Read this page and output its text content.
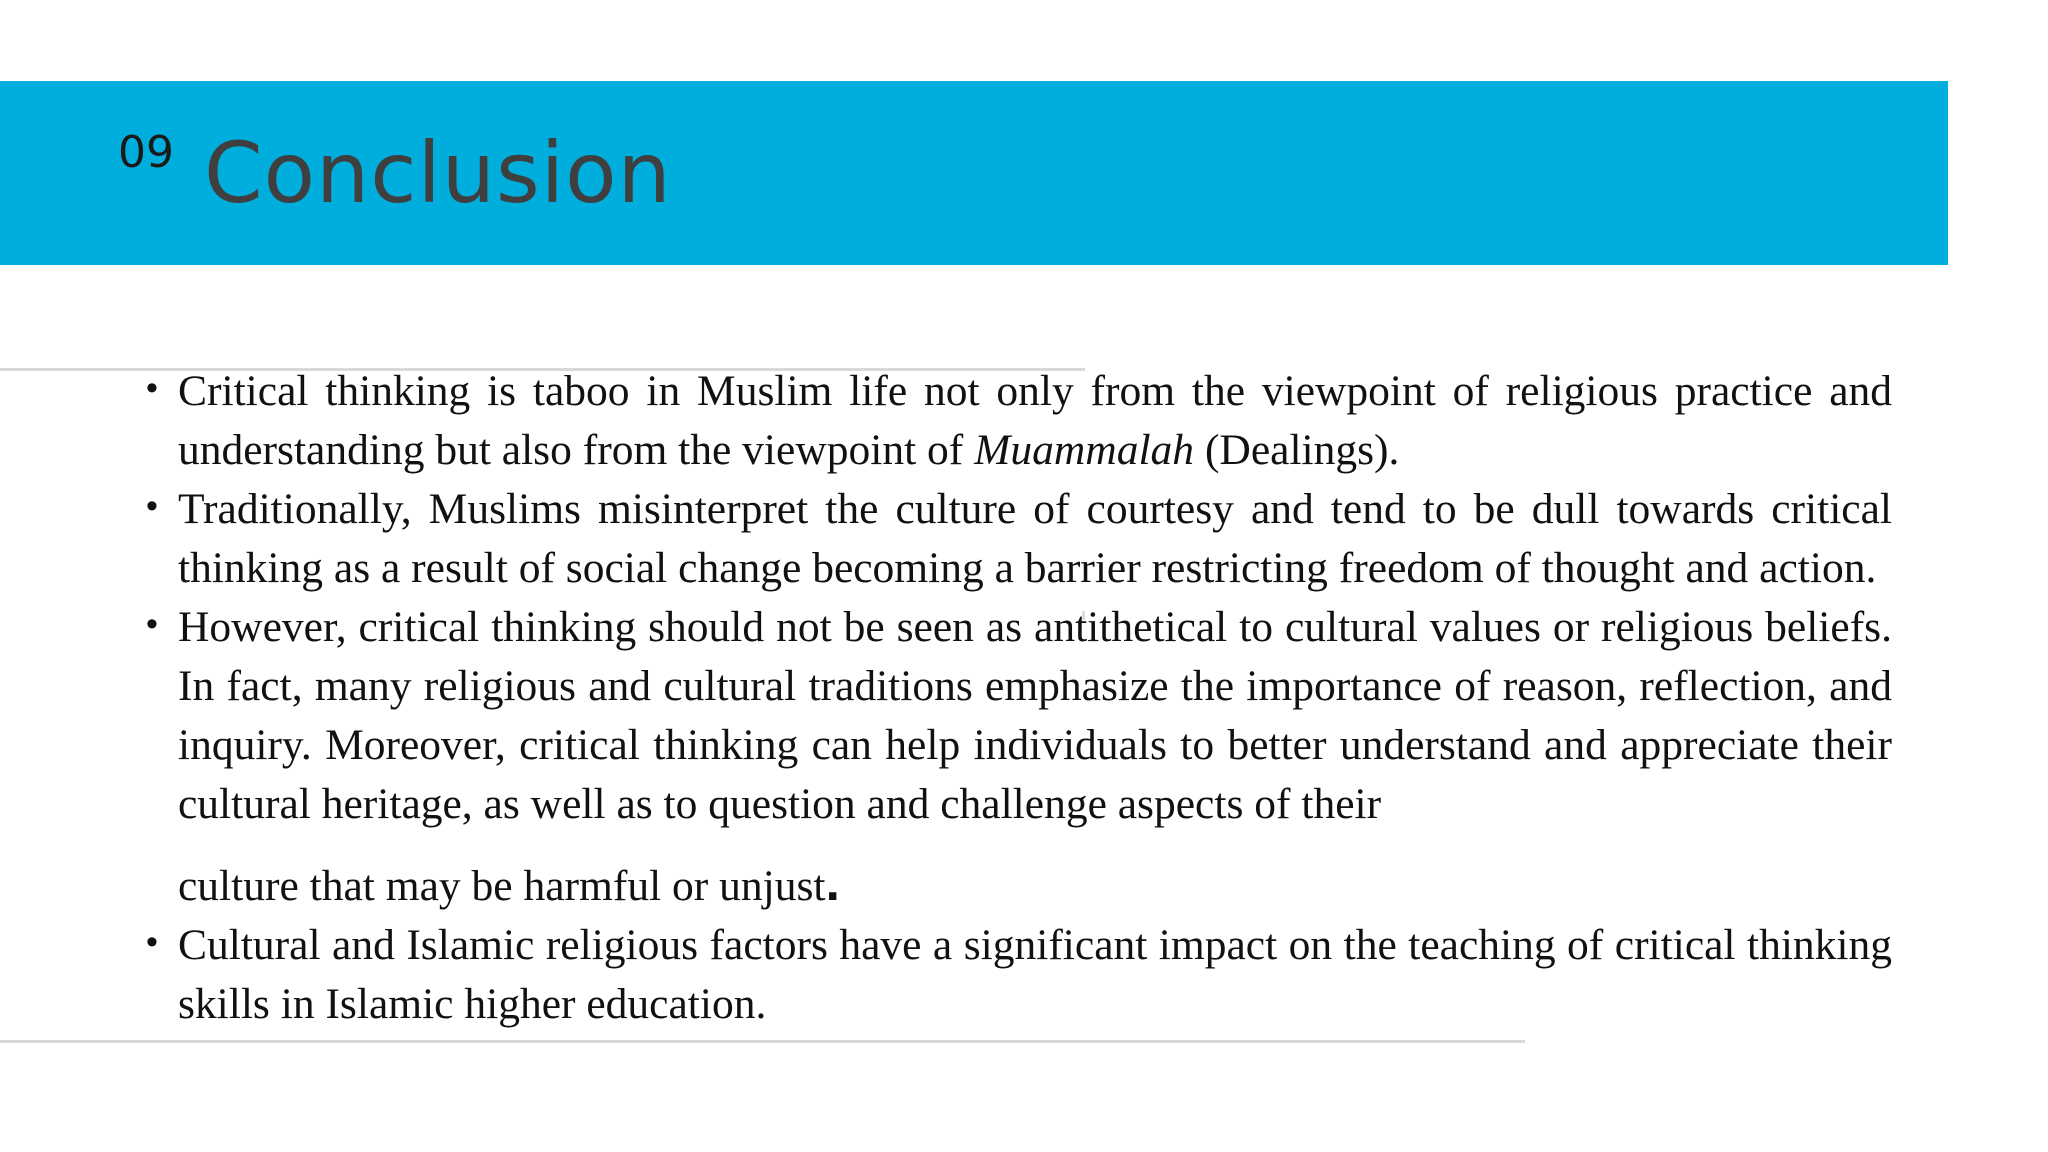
09 Conclusion
• Critical thinking is taboo in Muslim life not only from the viewpoint of religious practice and understanding but also from the viewpoint of Muammalah (Dealings).
• Traditionally, Muslims misinterpret the culture of courtesy and tend to be dull towards critical thinking as a result of social change becoming a barrier restricting freedom of thought and action.
• However, critical thinking should not be seen as antithetical to cultural values or religious beliefs. In fact, many religious and cultural traditions emphasize the importance of reason, reflection, and inquiry. Moreover, critical thinking can help individuals to better understand and appreciate their cultural heritage, as well as to question and challenge aspects of their
culture that may be harmful or unjust.
• Cultural and Islamic religious factors have a significant impact on the teaching of critical thinking skills in Islamic higher education.
